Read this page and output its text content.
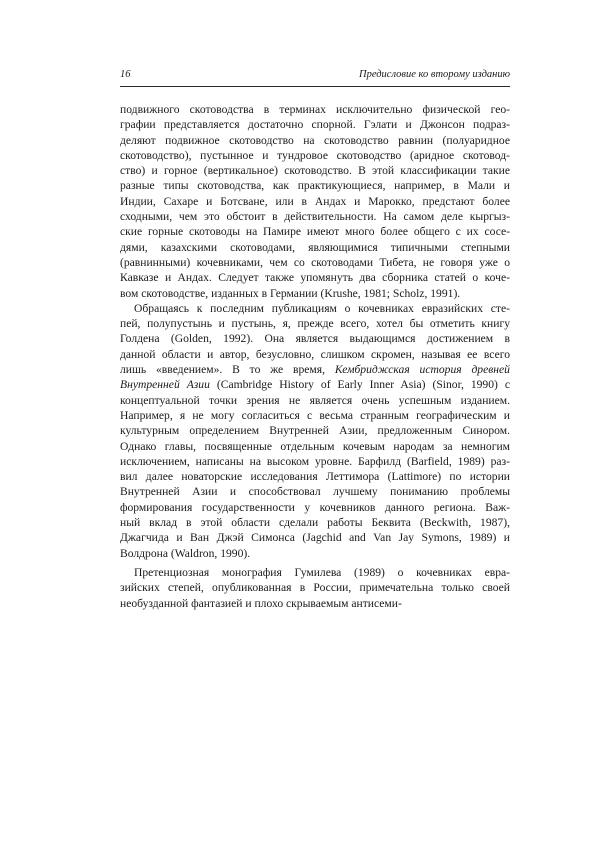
16	Предисловие ко второму изданию
подвижного скотоводства в терминах исключительно физической гео-
графии представляется достаточно спорной. Гэлати и Джонсон подраз-
деляют подвижное скотоводство на скотоводство равнин (полуаридное
скотоводство), пустынное и тундровое скотоводство (аридное скотовод-
ство) и горное (вертикальное) скотоводство. В этой классификации такие
разные типы скотоводства, как практикующиеся, например, в Мали и
Индии, Сахаре и Ботсване, или в Андах и Марокко, предстают более
сходными, чем это обстоит в действительности. На самом деле кыргыз-
ские горные скотоводы на Памире имеют много более общего с их сосе-
дями, казахскими скотоводами, являющимися типичными степными
(равнинными) кочевниками, чем со скотоводами Тибета, не говоря уже о
Кавказе и Андах. Следует также упомянуть два сборника статей о коче-
вом скотоводстве, изданных в Германии (Krushe, 1981; Scholz, 1991).
Обращаясь к последним публикациям о кочевниках евразийских сте-
пей, полупустынь и пустынь, я, прежде всего, хотел бы отметить книгу
Голдена (Golden, 1992). Она является выдающимся достижением в
данной области и автор, безусловно, слишком скромен, называя ее всего
лишь «введением». В то же время, Кембриджская история древней
Внутренней Азии (Cambridge History of Early Inner Asia) (Sinor, 1990) с
концептуальной точки зрения не является очень успешным изданием.
Например, я не могу согласиться с весьма странным географическим и
культурным определением Внутренней Азии, предложенным Синором.
Однако главы, посвященные отдельным кочевым народам за немногим
исключением, написаны на высоком уровне. Барфилд (Barfield, 1989) раз-
вил далее новаторские исследования Леттимора (Lattimore) по истории
Внутренней Азии и способствовал лучшему пониманию проблемы
формирования государственности у кочевников данного региона. Важ-
ный вклад в этой области сделали работы Беквита (Beckwith, 1987),
Джагчида и Ван Джэй Симонса (Jagchid and Van Jay Symons, 1989) и
Волдрона (Waldron, 1990).
Претенциозная монография Гумилева (1989) о кочевниках евра-
зийских степей, опубликованная в России, примечательна только своей
необузданной фантазией и плохо скрываемым антисеми-
